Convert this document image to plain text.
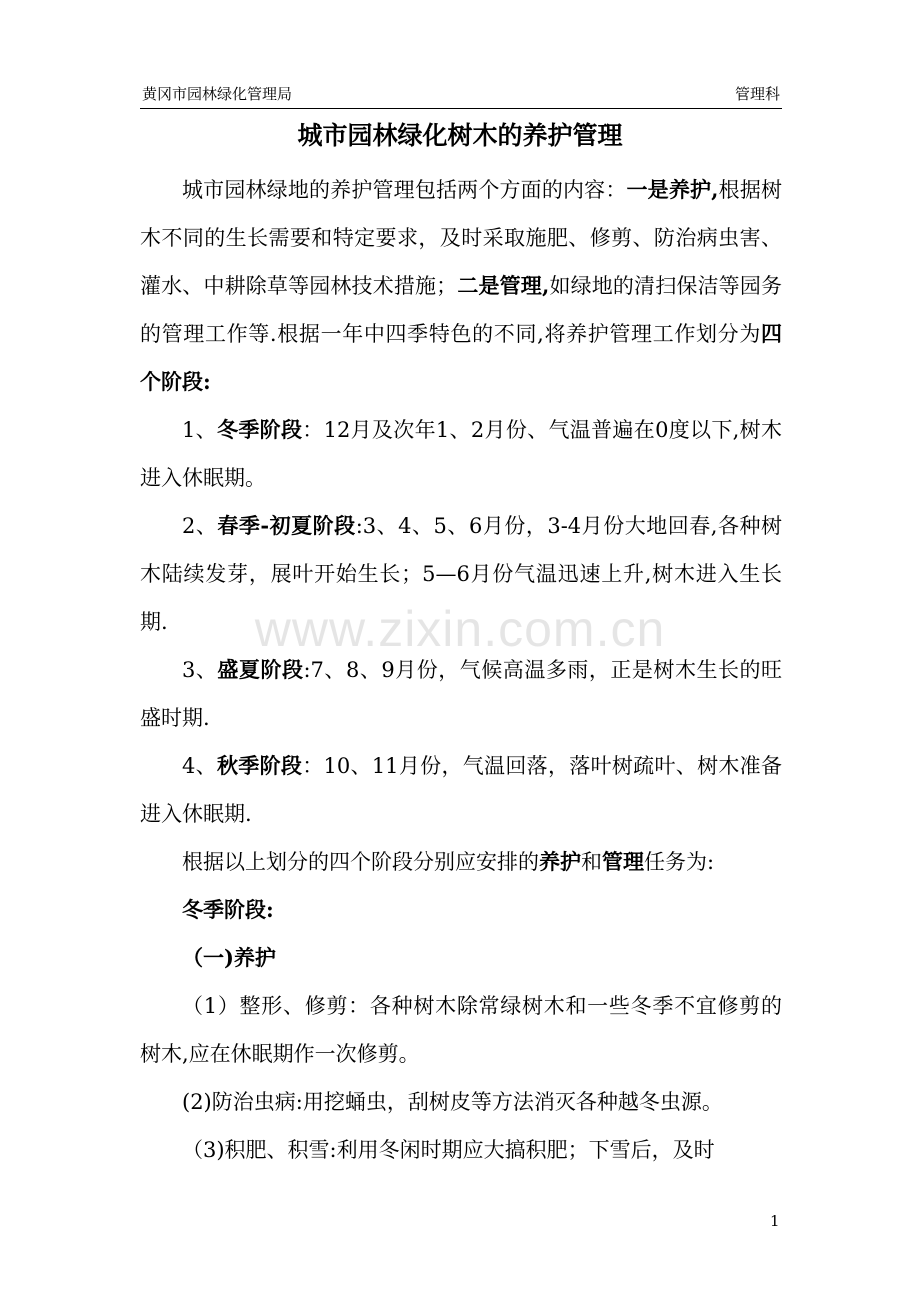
黄冈市园林绿化管理局	管理科
城市园林绿化树木的养护管理

城市园林绿地的养护管理包括两个方面的内容：一是养护,根据树木不同的生长需要和特定要求，及时采取施肥、修剪、防治病虫害、灌水、中耕除草等园林技术措施；二是管理,如绿地的清扫保洁等园务的管理工作等.根据一年中四季特色的不同,将养护管理工作划分为四个阶段:

1、冬季阶段：12月及次年1、2月份、气温普遍在0度以下,树木进入休眠期。

2、春季-初夏阶段:3、4、5、6月份，3-4月份大地回春,各种树木陆续发芽，展叶开始生长；5—6月份气温迅速上升,树木进入生长期.

3、盛夏阶段:7、8、9月份，气候高温多雨，正是树木生长的旺盛时期.

4、秋季阶段：10、11月份，气温回落，落叶树疏叶、树木准备进入休眠期.

根据以上划分的四个阶段分别应安排的养护和管理任务为:

冬季阶段:

（一)养护

（1）整形、修剪：各种树木除常绿树木和一些冬季不宜修剪的树木,应在休眠期作一次修剪。

(2)防治虫病:用挖蛹虫，刮树皮等方法消灭各种越冬虫源。

（3)积肥、积雪:利用冬闲时期应大搞积肥；下雪后，及时

www.zixin.com.cn
1
